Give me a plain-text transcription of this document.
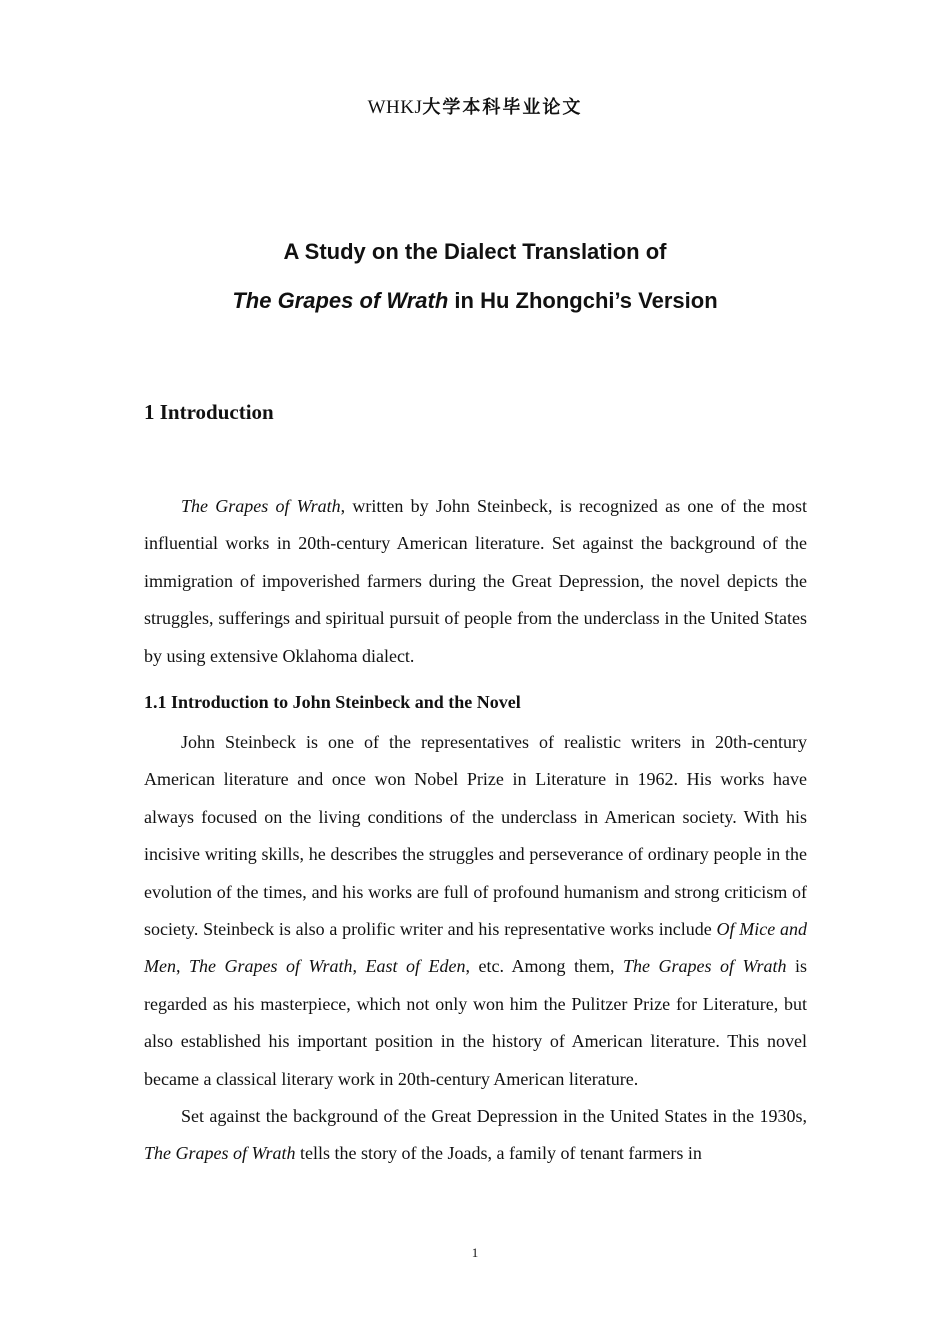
WHKJ大学本科毕业论文
A Study on the Dialect Translation of
The Grapes of Wrath in Hu Zhongchi’s Version
1 Introduction

The Grapes of Wrath, written by John Steinbeck, is recognized as one of the most influential works in 20th-century American literature. Set against the background of the immigration of impoverished farmers during the Great Depression, the novel depicts the struggles, sufferings and spiritual pursuit of people from the underclass in the United States by using extensive Oklahoma dialect.

1.1 Introduction to John Steinbeck and the Novel

John Steinbeck is one of the representatives of realistic writers in 20th-century American literature and once won Nobel Prize in Literature in 1962. His works have always focused on the living conditions of the underclass in American society. With his incisive writing skills, he describes the struggles and perseverance of ordinary people in the evolution of the times, and his works are full of profound humanism and strong criticism of society. Steinbeck is also a prolific writer and his representative works include Of Mice and Men, The Grapes of Wrath, East of Eden, etc. Among them, The Grapes of Wrath is regarded as his masterpiece, which not only won him the Pulitzer Prize for Literature, but also established his important position in the history of American literature. This novel became a classical literary work in 20th-century American literature.

Set against the background of the Great Depression in the United States in the 1930s, The Grapes of Wrath tells the story of the Joads, a family of tenant farmers in

1
